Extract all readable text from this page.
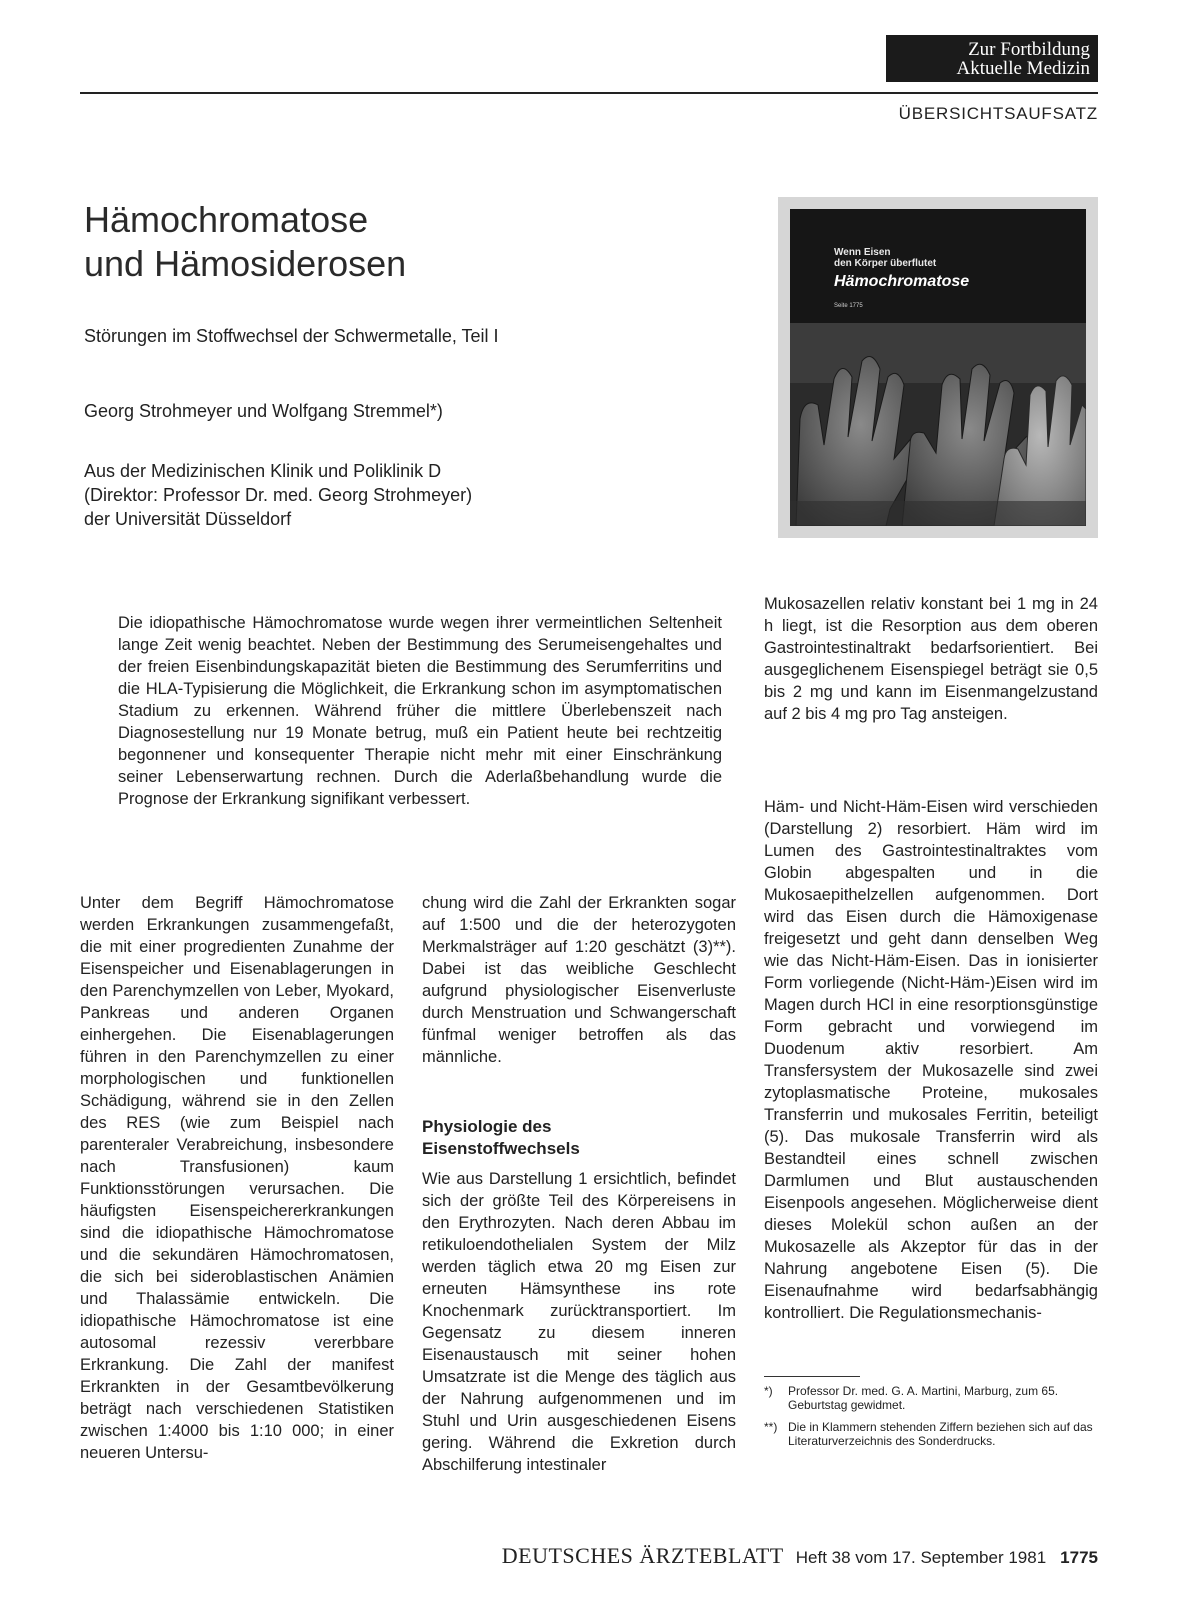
Zur Fortbildung
Aktuelle Medizin
ÜBERSICHTSAUFSATZ
Hämochromatose
und Hämosiderosen
Störungen im Stoffwechsel der Schwermetalle, Teil I
Georg Strohmeyer und Wolfgang Stremmel*)
Aus der Medizinischen Klinik und Poliklinik D
(Direktor: Professor Dr. med. Georg Strohmeyer)
der Universität Düsseldorf
Wenn Eisen
den Körper überflutet
Hämochromatose
Seite 1775
Die idiopathische Hämochromatose wurde wegen ihrer vermeintlichen Seltenheit lange Zeit wenig beachtet. Neben der Bestimmung des Serumeisengehaltes und der freien Eisenbindungskapazität bieten die Bestimmung des Serumferritins und die HLA-Typisierung die Möglichkeit, die Erkrankung schon im asymptomatischen Stadium zu erkennen. Während früher die mittlere Überlebenszeit nach Diagnosestellung nur 19 Monate betrug, muß ein Patient heute bei rechtzeitig begonnener und konsequenter Therapie nicht mehr mit einer Einschränkung seiner Lebenserwartung rechnen. Durch die Aderlaßbehandlung wurde die Prognose der Erkrankung signifikant verbessert.
Unter dem Begriff Hämochromatose werden Erkrankungen zusammengefaßt, die mit einer progredienten Zunahme der Eisenspeicher und Eisenablagerungen in den Parenchymzellen von Leber, Myokard, Pankreas und anderen Organen einhergehen. Die Eisenablagerungen führen in den Parenchymzellen zu einer morphologischen und funktionellen Schädigung, während sie in den Zellen des RES (wie zum Beispiel nach parenteraler Verabreichung, insbesondere nach Transfusionen) kaum Funktionsstörungen verursachen. Die häufigsten Eisenspeichererkrankungen sind die idiopathische Hämochromatose und die sekundären Hämochromatosen, die sich bei sideroblastischen Anämien und Thalassämie entwickeln. Die idiopathische Hämochromatose ist eine autosomal rezessiv vererbbare Erkrankung. Die Zahl der manifest Erkrankten in der Gesamtbevölkerung beträgt nach verschiedenen Statistiken zwischen 1:4000 bis 1:10 000; in einer neueren Untersu-
chung wird die Zahl der Erkrankten sogar auf 1:500 und die der heterozygoten Merkmalsträger auf 1:20 geschätzt (3)**). Dabei ist das weibliche Geschlecht aufgrund physiologischer Eisenverluste durch Menstruation und Schwangerschaft fünfmal weniger betroffen als das männliche.
Physiologie des
Eisenstoffwechsels
Wie aus Darstellung 1 ersichtlich, befindet sich der größte Teil des Körpereisens in den Erythrozyten. Nach deren Abbau im retikuloendothelialen System der Milz werden täglich etwa 20 mg Eisen zur erneuten Hämsynthese ins rote Knochenmark zurücktransportiert. Im Gegensatz zu diesem inneren Eisenaustausch mit seiner hohen Umsatzrate ist die Menge des täglich aus der Nahrung aufgenommenen und im Stuhl und Urin ausgeschiedenen Eisens gering. Während die Exkretion durch Abschilferung intestinaler
Mukosazellen relativ konstant bei 1 mg in 24 h liegt, ist die Resorption aus dem oberen Gastrointestinaltrakt bedarfsorientiert. Bei ausgeglichenem Eisenspiegel beträgt sie 0,5 bis 2 mg und kann im Eisenmangelzustand auf 2 bis 4 mg pro Tag ansteigen.
Häm- und Nicht-Häm-Eisen wird verschieden (Darstellung 2) resorbiert. Häm wird im Lumen des Gastrointestinaltraktes vom Globin abgespalten und in die Mukosaepithelzellen aufgenommen. Dort wird das Eisen durch die Hämoxigenase freigesetzt und geht dann denselben Weg wie das Nicht-Häm-Eisen. Das in ionisierter Form vorliegende (Nicht-Häm-)Eisen wird im Magen durch HCl in eine resorptionsgünstige Form gebracht und vorwiegend im Duodenum aktiv resorbiert. Am Transfersystem der Mukosazelle sind zwei zytoplasmatische Proteine, mukosales Transferrin und mukosales Ferritin, beteiligt (5). Das mukosale Transferrin wird als Bestandteil eines schnell zwischen Darmlumen und Blut austauschenden Eisenpools angesehen. Möglicherweise dient dieses Molekül schon außen an der Mukosazelle als Akzeptor für das in der Nahrung angebotene Eisen (5). Die Eisenaufnahme wird bedarfsabhängig kontrolliert. Die Regulationsmechanis-
*)	Professor Dr. med. G. A. Martini, Marburg, zum 65. Geburtstag gewidmet.
**) Die in Klammern stehenden Ziffern beziehen sich auf das Literaturverzeichnis des Sonderdrucks.
DEUTSCHES ÄRZTEBLATT Heft 38 vom 17. September 1981 1775
